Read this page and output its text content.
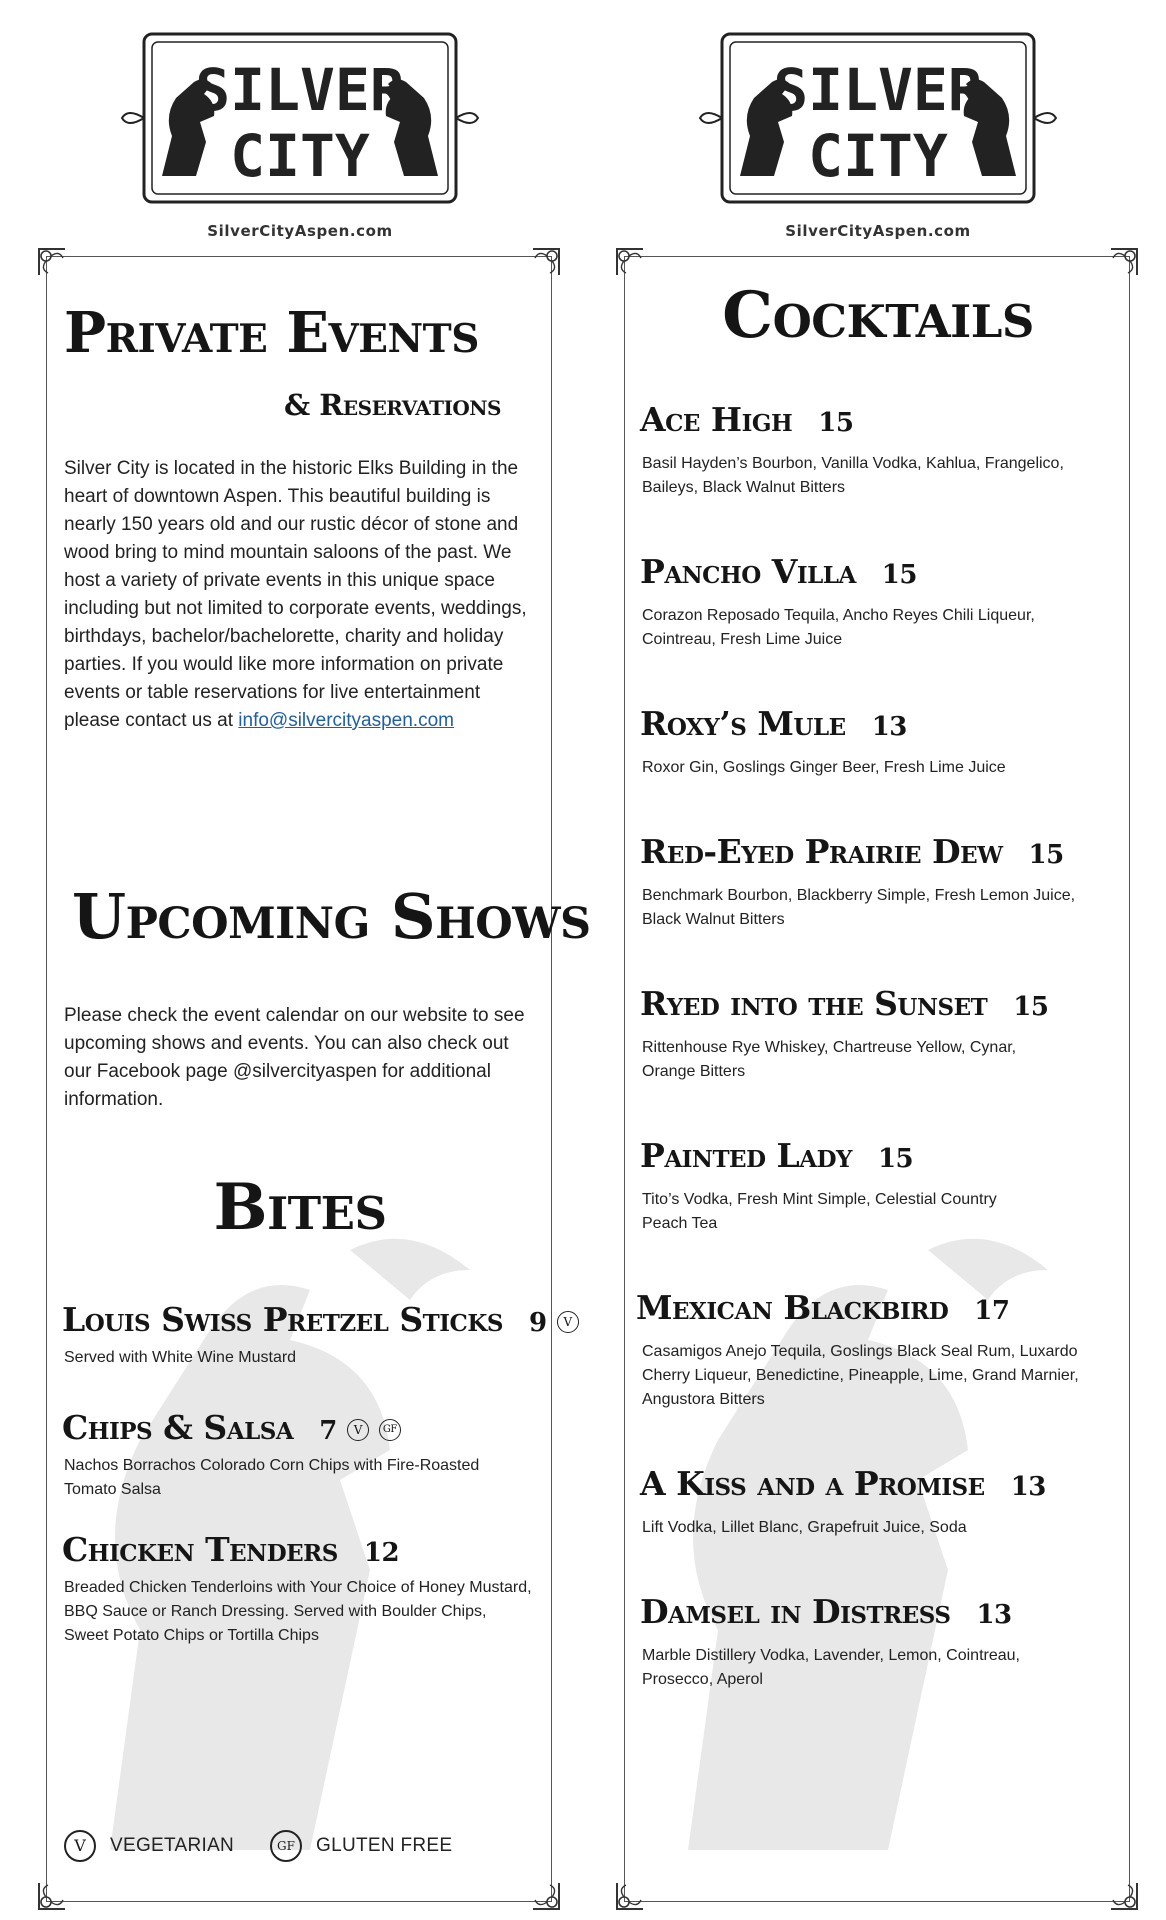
SILVER
CITY
SilverCityAspen.com
Private Events
& Reservations
Silver City is located in the historic Elks Building in the heart of downtown Aspen. This beautiful building is nearly 150 years old and our rustic décor of stone and wood bring to mind mountain saloons of the past. We host a variety of private events in this unique space including but not limited to corporate events, weddings, birthdays, bachelor/bachelorette, charity and holiday parties. If you would like more information on private events or table reservations for live entertainment please contact us at info@silvercityaspen.com
Upcoming Shows
Please check the event calendar on our website to see upcoming shows and events. You can also check out our Facebook page @silvercityaspen for additional information.
Bites
Louis Swiss Pretzel Sticks 9 V
Served with White Wine Mustard
Chips & Salsa 7 V GF
Nachos Borrachos Colorado Corn Chips with Fire-Roasted Tomato Salsa
Chicken Tenders 12
Breaded Chicken Tenderloins with Your Choice of Honey Mustard, BBQ Sauce or Ranch Dressing. Served with Boulder Chips, Sweet Potato Chips or Tortilla Chips
V	VEGETARIAN	GF	GLUTEN FREE
SILVER
CITY
SilverCityAspen.com
Cocktails
Ace High 15
Basil Hayden’s Bourbon, Vanilla Vodka, Kahlua, Frangelico, Baileys, Black Walnut Bitters
Pancho Villa 15
Corazon Reposado Tequila, Ancho Reyes Chili Liqueur, Cointreau, Fresh Lime Juice
Roxy’s Mule 13
Roxor Gin, Goslings Ginger Beer, Fresh Lime Juice
Red-Eyed Prairie Dew 15
Benchmark Bourbon, Blackberry Simple, Fresh Lemon Juice, Black Walnut Bitters
Ryed into the Sunset 15
Rittenhouse Rye Whiskey, Chartreuse Yellow, Cynar, Orange Bitters
Painted Lady 15
Tito’s Vodka, Fresh Mint Simple, Celestial Country Peach Tea
Mexican Blackbird 17
Casamigos Anejo Tequila, Goslings Black Seal Rum, Luxardo Cherry Liqueur, Benedictine, Pineapple, Lime, Grand Marnier, Angustora Bitters
A Kiss and a Promise 13
Lift Vodka, Lillet Blanc, Grapefruit Juice, Soda
Damsel in Distress 13
Marble Distillery Vodka, Lavender, Lemon, Cointreau, Prosecco, Aperol
